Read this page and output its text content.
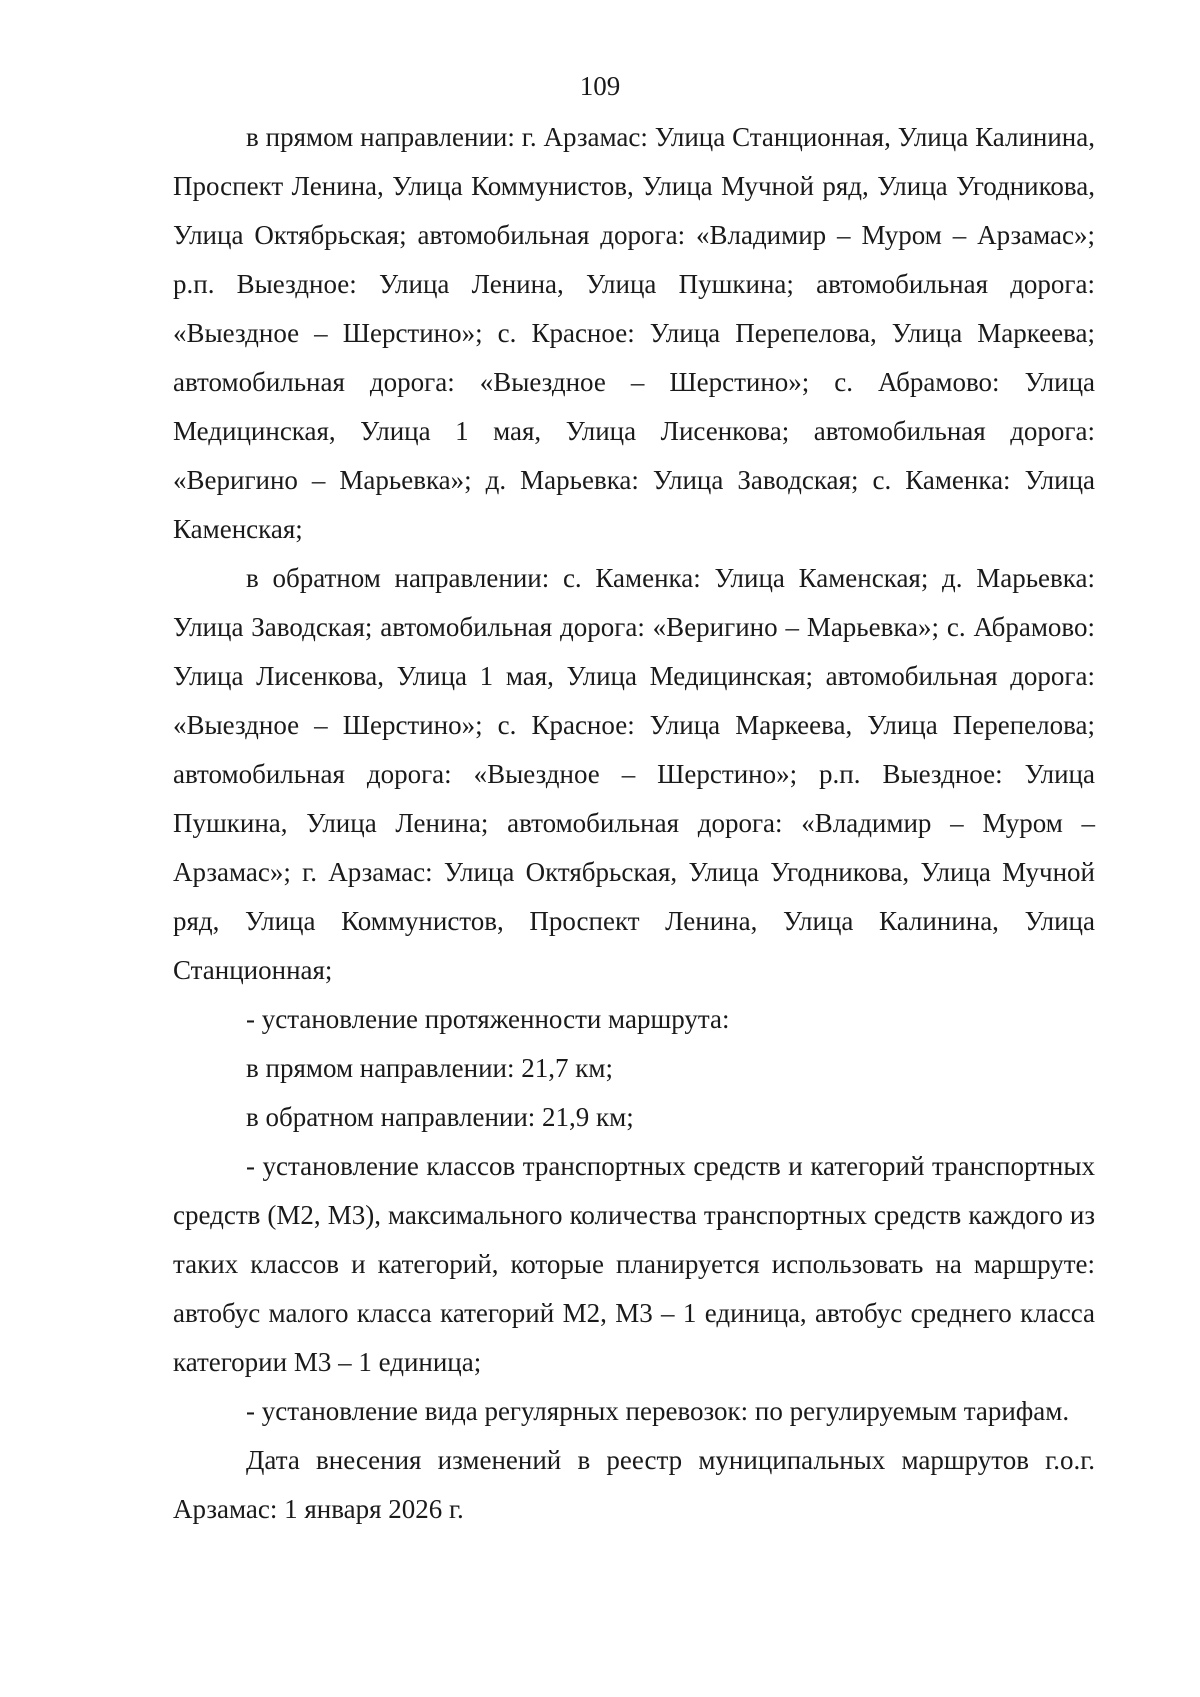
109

в прямом направлении: г. Арзамас: Улица Станционная, Улица Калинина, Проспект Ленина, Улица Коммунистов, Улица Мучной ряд, Улица Угодникова, Улица Октябрьская; автомобильная дорога: «Владимир – Муром – Арзамас»; р.п. Выездное: Улица Ленина, Улица Пушкина; автомобильная дорога: «Выездное – Шерстино»; с. Красное: Улица Перепелова, Улица Маркеева; автомобильная дорога: «Выездное – Шерстино»; с. Абрамово: Улица Медицинская, Улица 1 мая, Улица Лисенкова; автомобильная дорога: «Веригино – Марьевка»; д. Марьевка: Улица Заводская; с. Каменка: Улица Каменская;

в обратном направлении: с. Каменка: Улица Каменская; д. Марьевка: Улица Заводская; автомобильная дорога: «Веригино – Марьевка»; с. Абрамово: Улица Лисенкова, Улица 1 мая, Улица Медицинская; автомобильная дорога: «Выездное – Шерстино»; с. Красное: Улица Маркеева, Улица Перепелова; автомобильная дорога: «Выездное – Шерстино»; р.п. Выездное: Улица Пушкина, Улица Ленина; автомобильная дорога: «Владимир – Муром – Арзамас»; г. Арзамас: Улица Октябрьская, Улица Угодникова, Улица Мучной ряд, Улица Коммунистов, Проспект Ленина, Улица Калинина, Улица Станционная;

- установление протяженности маршрута:

в прямом направлении: 21,7 км;

в обратном направлении: 21,9 км;

- установление классов транспортных средств и категорий транспортных средств (М2, М3), максимального количества транспортных средств каждого из таких классов и категорий, которые планируется использовать на маршруте: автобус малого класса категорий М2, М3 – 1 единица, автобус среднего класса категории М3 – 1 единица;

- установление вида регулярных перевозок: по регулируемым тарифам.

Дата внесения изменений в реестр муниципальных маршрутов г.о.г. Арзамас: 1 января 2026 г.
